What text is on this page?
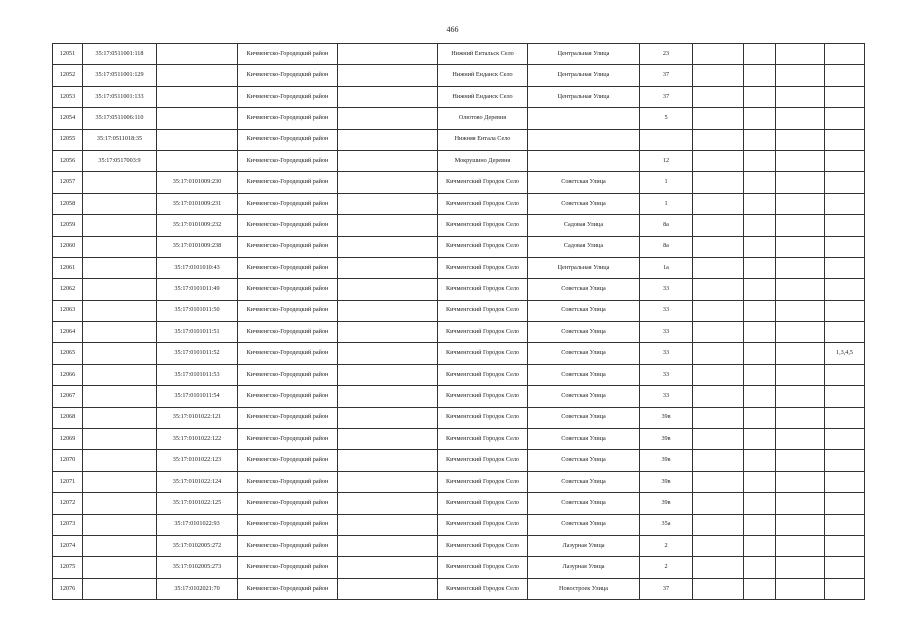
466
12051	35:17:0511001:118		Кичменгско-Городецкий район		Нижний Ентальск Село	Центральная Улица	23				
12052	35:17:0511001:129		Кичменгско-Городецкий район		Нижний Енданск Село	Центральная Улица	37				
12053	35:17:0511001:133		Кичменгско-Городецкий район		Нижний Енданск Село	Центральная Улица	37				
12054	35:17:0511006:110		Кичменгско-Городецкий район		Олютово Деревня		5				
12055	35:17:0511018:35		Кичменгско-Городецкий район		Нижняя Ентала Село						
12056	35:17:0517003:9		Кичменгско-Городецкий район		Мокрушино Деревня		12				
12057		35:17:0101009:230	Кичменгско-Городецкий район		Кичменгский Городок Село	Советская Улица	1				
12058		35:17:0101009:231	Кичменгско-Городецкий район		Кичменгский Городок Село	Советская Улица	1				
12059		35:17:0101009:232	Кичменгско-Городецкий район		Кичменгский Городок Село	Садовая Улица	8а				
12060		35:17:0101009:238	Кичменгско-Городецкий район		Кичменгский Городок Село	Садовая Улица	8а				
12061		35:17:0101010:43	Кичменгско-Городецкий район		Кичменгский Городок Село	Центральная Улица	1а				
12062		35:17:0101011:49	Кичменгско-Городецкий район		Кичменгский Городок Село	Советская Улица	33				
12063		35:17:0101011:50	Кичменгско-Городецкий район		Кичменгский Городок Село	Советская Улица	33				
12064		35:17:0101011:51	Кичменгско-Городецкий район		Кичменгский Городок Село	Советская Улица	33				
12065		35:17:0101011:52	Кичменгско-Городецкий район		Кичменгский Городок Село	Советская Улица	33				1,3,4,5
12066		35:17:0101011:53	Кичменгско-Городецкий район		Кичменгский Городок Село	Советская Улица	33				
12067		35:17:0101011:54	Кичменгско-Городецкий район		Кичменгский Городок Село	Советская Улица	33				
12068		35:17:0101022:121	Кичменгско-Городецкий район		Кичменгский Городок Село	Советская Улица	39в				
12069		35:17:0101022:122	Кичменгско-Городецкий район		Кичменгский Городок Село	Советская Улица	39в				
12070		35:17:0101022:123	Кичменгско-Городецкий район		Кичменгский Городок Село	Советская Улица	39в				
12071		35:17:0101022:124	Кичменгско-Городецкий район		Кичменгский Городок Село	Советская Улица	39в				
12072		35:17:0101022:125	Кичменгско-Городецкий район		Кичменгский Городок Село	Советская Улица	39в				
12073		35:17:0101022:93	Кичменгско-Городецкий район		Кичменгский Городок Село	Советская Улица	35а				
12074		35:17:0102005:272	Кичменгско-Городецкий район		Кичменгский Городок Село	Лазурная Улица	2				
12075		35:17:0102005:273	Кичменгско-Городецкий район		Кичменгский Городок Село	Лазурная Улица	2				
12076		35:17:0102021:70	Кичменгско-Городецкий район		Кичменгский Городок Село	Новостроек Улица	37				
